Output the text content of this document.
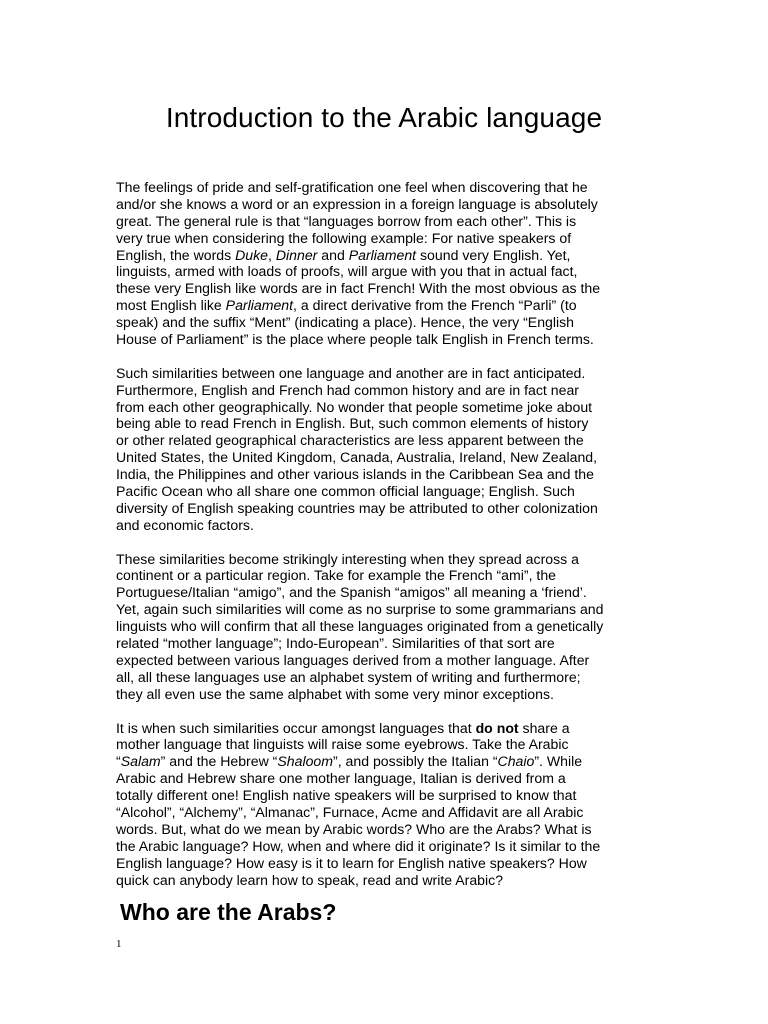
Introduction to the Arabic language
The feelings of pride and self-gratification one feel when discovering that he
and/or she knows a word or an expression in a foreign language is absolutely
great. The general rule is that “languages borrow from each other”. This is
very true when considering the following example: For native speakers of
English, the words Duke, Dinner and Parliament sound very English. Yet,
linguists, armed with loads of proofs, will argue with you that in actual fact,
these very English like words are in fact French! With the most obvious as the
most English like Parliament, a direct derivative from the French “Parli” (to
speak) and the suffix “Ment” (indicating a place). Hence, the very “English
House of Parliament” is the place where people talk English in French terms.
Such similarities between one language and another are in fact anticipated.
Furthermore, English and French had common history and are in fact near
from each other geographically. No wonder that people sometime joke about
being able to read French in English. But, such common elements of history
or other related geographical characteristics are less apparent between the
United States, the United Kingdom, Canada, Australia, Ireland, New Zealand,
India, the Philippines and other various islands in the Caribbean Sea and the
Pacific Ocean who all share one common official language; English. Such
diversity of English speaking countries may be attributed to other colonization
and economic factors.
These similarities become strikingly interesting when they spread across a
continent or a particular region. Take for example the French “ami”, the
Portuguese/Italian “amigo”, and the Spanish “amigos” all meaning a ‘friend’.
Yet, again such similarities will come as no surprise to some grammarians and
linguists who will confirm that all these languages originated from a genetically
related “mother language”; Indo-European”. Similarities of that sort are
expected between various languages derived from a mother language. After
all, all these languages use an alphabet system of writing and furthermore;
they all even use the same alphabet with some very minor exceptions.
It is when such similarities occur amongst languages that do not share a
mother language that linguists will raise some eyebrows. Take the Arabic
“Salam” and the Hebrew “Shaloom”, and possibly the Italian “Chaio”. While
Arabic and Hebrew share one mother language, Italian is derived from a
totally different one! English native speakers will be surprised to know that
“Alcohol”, “Alchemy”, “Almanac”, Furnace, Acme and Affidavit are all Arabic
words. But, what do we mean by Arabic words? Who are the Arabs? What is
the Arabic language? How, when and where did it originate? Is it similar to the
English language? How easy is it to learn for English native speakers? How
quick can anybody learn how to speak, read and write Arabic?
Who are the Arabs?
1
